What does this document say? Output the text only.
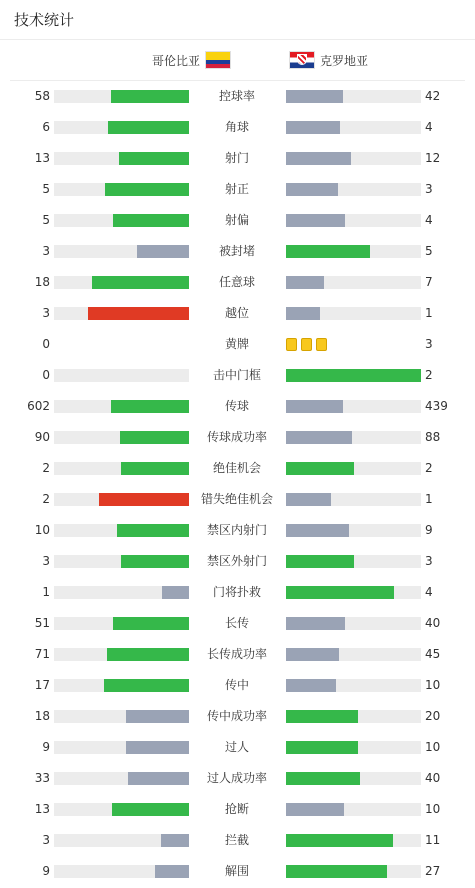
技术统计
哥伦比亚	克罗地亚
58	控球率	42
6	角球	4
13	射门	12
5	射正	3
5	射偏	4
3	被封堵	5
18	任意球	7
3	越位	1
0	黄牌	3
0	击中门框	2
602	传球	439
90	传球成功率	88
2	绝佳机会	2
2	错失绝佳机会	1
10	禁区内射门	9
3	禁区外射门	3
1	门将扑救	4
51	长传	40
71	长传成功率	45
17	传中	10
18	传中成功率	20
9	过人	10
33	过人成功率	40
13	抢断	10
3	拦截	11
9	解围	27
